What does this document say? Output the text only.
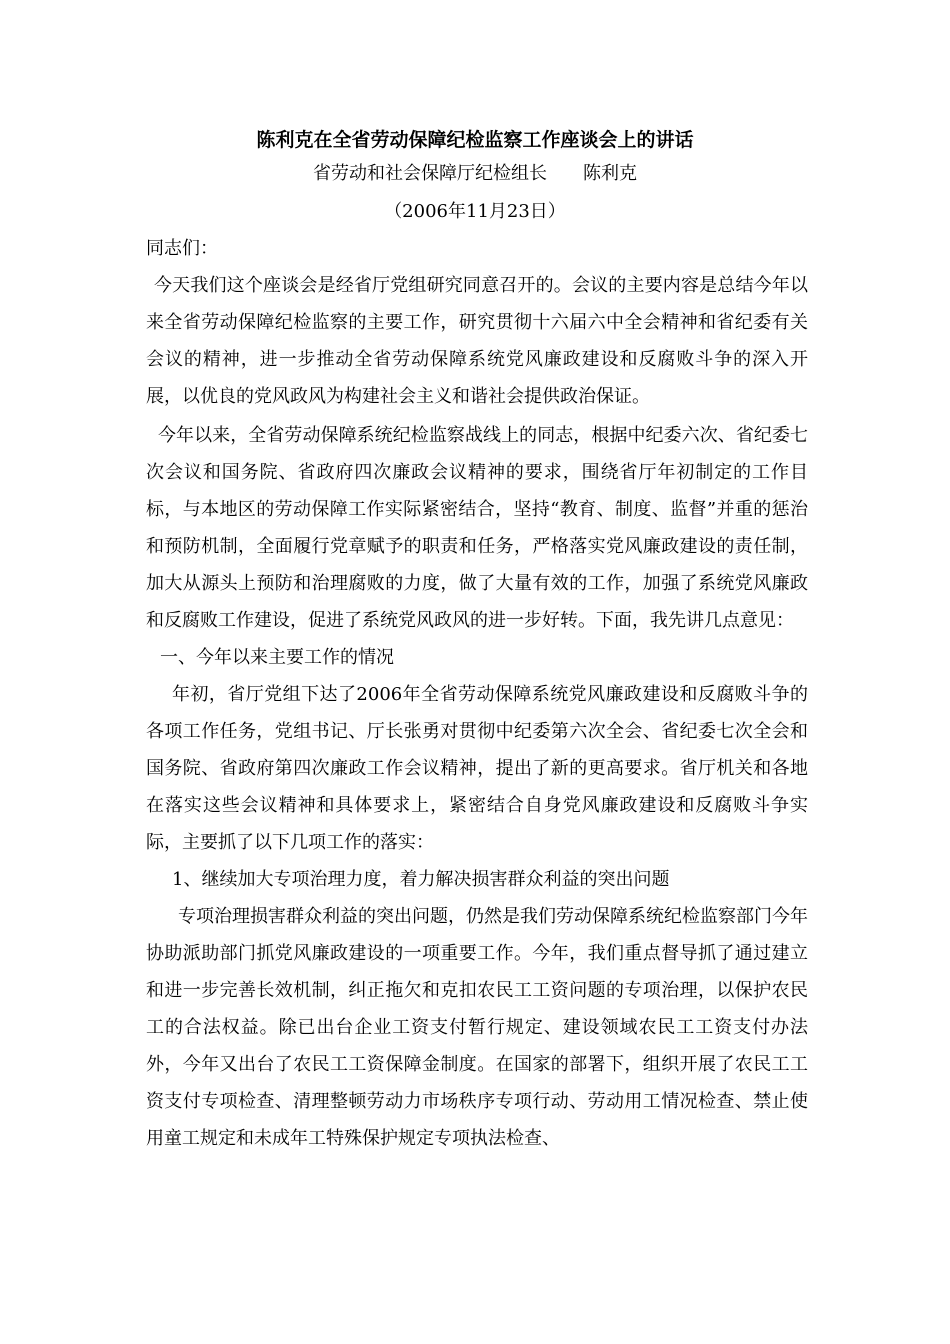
陈利克在全省劳动保障纪检监察工作座谈会上的讲话
省劳动和社会保障厅纪检组长 陈利克
（2006年11月23日）

同志们：

今天我们这个座谈会是经省厅党组研究同意召开的。会议的主要内容是总结今年以来全省劳动保障纪检监察的主要工作，研究贯彻十六届六中全会精神和省纪委有关会议的精神，进一步推动全省劳动保障系统党风廉政建设和反腐败斗争的深入开展，以优良的党风政风为构建社会主义和谐社会提供政治保证。

今年以来，全省劳动保障系统纪检监察战线上的同志，根据中纪委六次、省纪委七次会议和国务院、省政府四次廉政会议精神的要求，围绕省厅年初制定的工作目标，与本地区的劳动保障工作实际紧密结合，坚持“教育、制度、监督”并重的惩治和预防机制，全面履行党章赋予的职责和任务，严格落实党风廉政建设的责任制，加大从源头上预防和治理腐败的力度，做了大量有效的工作，加强了系统党风廉政和反腐败工作建设，促进了系统党风政风的进一步好转。下面，我先讲几点意见：

一、今年以来主要工作的情况

年初，省厅党组下达了2006年全省劳动保障系统党风廉政建设和反腐败斗争的各项工作任务，党组书记、厅长张勇对贯彻中纪委第六次全会、省纪委七次全会和国务院、省政府第四次廉政工作会议精神，提出了新的更高要求。省厅机关和各地在落实这些会议精神和具体要求上，紧密结合自身党风廉政建设和反腐败斗争实际，主要抓了以下几项工作的落实：

1、继续加大专项治理力度，着力解决损害群众利益的突出问题

专项治理损害群众利益的突出问题，仍然是我们劳动保障系统纪检监察部门今年协助派助部门抓党风廉政建设的一项重要工作。今年，我们重点督导抓了通过建立和进一步完善长效机制，纠正拖欠和克扣农民工工资问题的专项治理，以保护农民工的合法权益。除已出台企业工资支付暂行规定、建设领域农民工工资支付办法外，今年又出台了农民工工资保障金制度。在国家的部署下，组织开展了农民工工资支付专项检查、清理整顿劳动力市场秩序专项行动、劳动用工情况检查、禁止使用童工规定和未成年工特殊保护规定专项执法检查、
